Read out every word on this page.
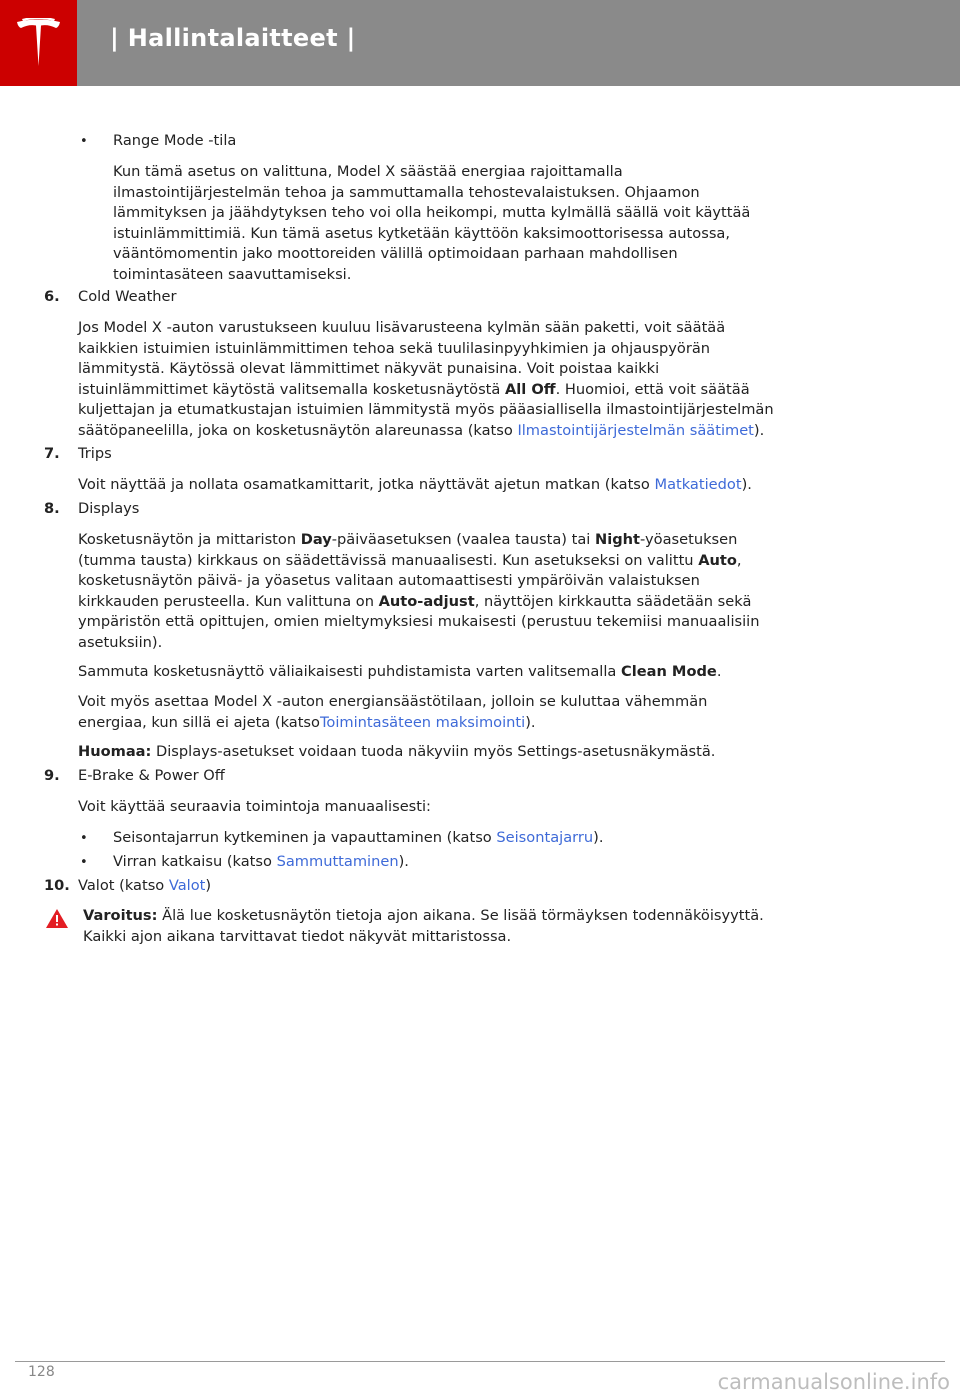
| Hallintalaitteet |
• Range Mode -tila
Kun tämä asetus on valittuna, Model X säästää energiaa rajoittamalla
ilmastointijärjestelmän tehoa ja sammuttamalla tehostevalaistuksen. Ohjaamon
lämmityksen ja jäähdytyksen teho voi olla heikompi, mutta kylmällä säällä voit käyttää
istuinlämmittimiä. Kun tämä asetus kytketään käyttöön kaksimoottorisessa autossa,
vääntömomentin jako moottoreiden välillä optimoidaan parhaan mahdollisen
toimintasäteen saavuttamiseksi.
6. Cold Weather
Jos Model X -auton varustukseen kuuluu lisävarusteena kylmän sään paketti, voit säätää
kaikkien istuimien istuinlämmittimen tehoa sekä tuulilasinpyyhkimien ja ohjauspyörän
lämmitystä. Käytössä olevat lämmittimet näkyvät punaisina. Voit poistaa kaikki
istuinlämmittimet käytöstä valitsemalla kosketusnäytöstä All Off. Huomioi, että voit säätää
kuljettajan ja etumatkustajan istuimien lämmitystä myös pääasiallisella ilmastointijärjestelmän
säätöpaneelilla, joka on kosketusnäytön alareunassa (katso Ilmastointijärjestelmän säätimet).
7. Trips
Voit näyttää ja nollata osamatkamittarit, jotka näyttävät ajetun matkan (katso Matkatiedot).
8. Displays
Kosketusnäytön ja mittariston Day-päiväasetuksen (vaalea tausta) tai Night-yöasetuksen
(tumma tausta) kirkkaus on säädettävissä manuaalisesti. Kun asetukseksi on valittu Auto,
kosketusnäytön päivä- ja yöasetus valitaan automaattisesti ympäröivän valaistuksen
kirkkauden perusteella. Kun valittuna on Auto-adjust, näyttöjen kirkkautta säädetään sekä
ympäristön että opittujen, omien mieltymyksiesi mukaisesti (perustuu tekemiisi manuaalisiin
asetuksiin).
Sammuta kosketusnäyttö väliaikaisesti puhdistamista varten valitsemalla Clean Mode.
Voit myös asettaa Model X -auton energiansäästötilaan, jolloin se kuluttaa vähemmän
energiaa, kun sillä ei ajeta (katsoToimintasäteen maksimointi).
Huomaa: Displays-asetukset voidaan tuoda näkyviin myös Settings-asetusnäkymästä.
9. E-Brake & Power Off
Voit käyttää seuraavia toimintoja manuaalisesti:
• Seisontajarrun kytkeminen ja vapauttaminen (katso Seisontajarru).
• Virran katkaisu (katso Sammuttaminen).
10. Valot (katso Valot)
Varoitus: Älä lue kosketusnäytön tietoja ajon aikana. Se lisää törmäyksen todennäköisyyttä.
Kaikki ajon aikana tarvittavat tiedot näkyvät mittaristossa.
128	carmanualsonline.info
